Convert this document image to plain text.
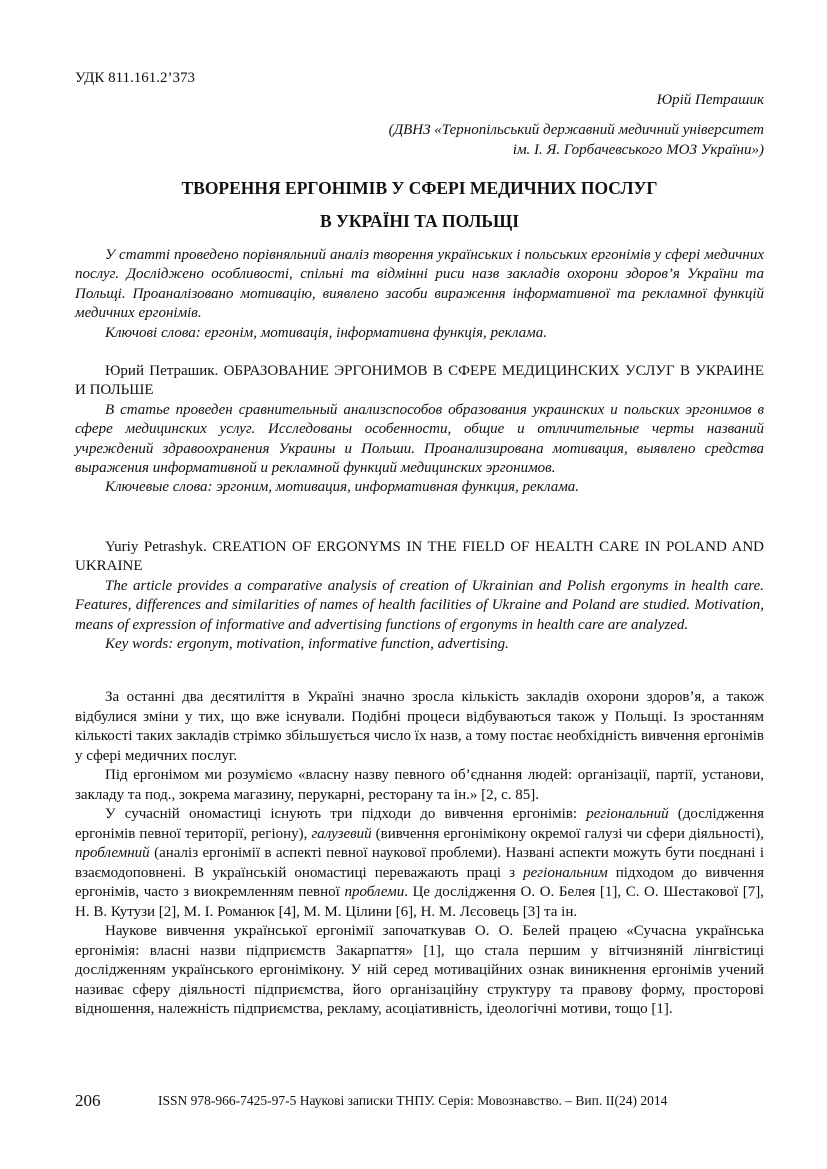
УДК 811.161.2’373
Юрій Петрашик
(ДВНЗ «Тернопільський державний медичний університет
ім. І. Я. Горбачевського МОЗ України»)
ТВОРЕННЯ ЕРГОНІМІВ У СФЕРІ МЕДИЧНИХ ПОСЛУГ
В УКРАЇНІ ТА ПОЛЬЩІ
У статті проведено порівняльний аналіз творення українських і польських ергонімів у сфері медичних послуг. Досліджено особливості, спільні та відмінні риси назв закладів охорони здоров’я України та Польщі. Проаналізовано мотивацію, виявлено засоби вираження інформативної та рекламної функцій медичних ергонімів.
Ключові слова: ергонім, мотивація, інформативна функція, реклама.
Юрий Петрашик. ОБРАЗОВАНИЕ ЭРГОНИМОВ В СФЕРЕ МЕДИЦИНСКИХ УСЛУГ В УКРАИНЕ И ПОЛЬШЕ
В статье проведен сравнительный анализспособов образования украинских и польских эргонимов в сфере медицинских услуг. Исследованы особенности, общие и отличительные черты названий учреждений здравоохранения Украины и Польши. Проанализирована мотивация, выявлено средства выражения информативной и рекламной функций медицинских эргонимов.
Ключевые слова: эргоним, мотивация, информативная функция, реклама.
Yuriy Petrashyk. CREATION OF ERGONYMS IN THE FIELD OF HEALTH CARE IN POLAND AND UKRAINE
The article provides a comparative analysis of creation of Ukrainian and Polish ergonyms in health care. Features, differences and similarities of names of health facilities of Ukraine and Poland are studied. Motivation, means of expression of informative and advertising functions of ergonyms in health care are analyzed.
Key words: ergonym, motivation, informative function, advertising.

За останні два десятиліття в Україні значно зросла кількість закладів охорони здоров’я, а також відбулися зміни у тих, що вже існували. Подібні процеси відбуваються також у Польщі. Із зростанням кількості таких закладів стрімко збільшується число їх назв, а тому постає необхідність вивчення ергонімів у сфері медичних послуг.

Під ергонімом ми розуміємо «власну назву певного об’єднання людей: організації, партії, установи, закладу та под., зокрема магазину, перукарні, ресторану та ін.» [2, с. 85].

У сучасній ономастиці існують три підходи до вивчення ергонімів: регіональний (дослідження ергонімів певної території, регіону), галузевий (вивчення ергонімікону окремої галузі чи сфери діяльності), проблемний (аналіз ергонімії в аспекті певної наукової проблеми). Названі аспекти можуть бути поєднані і взаємодоповнені. В українській ономастиці переважають праці з регіональним підходом до вивчення ергонімів, часто з виокремленням певної проблеми. Це дослідження О. О. Белея [1], С. О. Шестакової [7], Н. В. Кутузи [2], М. І. Романюк [4], М. М. Цілини [6], Н. М. Лєсовець [3] та ін.

Наукове вивчення української ергонімії започаткував О. О. Белей працею «Сучасна українська ергонімія: власні назви підприємств Закарпаття» [1], що стала першим у вітчизняній лінгвістиці дослідженням українського ергонімікону. У ній серед мотиваційних ознак виникнення ергонімів учений називає сферу діяльності підприємства, його організаційну структуру та правову форму, просторові відношення, належність підприємства, рекламу, асоціативність, ідеологічні мотиви, тощо [1].

206	ISSN 978-966-7425-97-5 Наукові записки ТНПУ. Серія: Мовознавство. – Вип. ІІ(24) 2014
